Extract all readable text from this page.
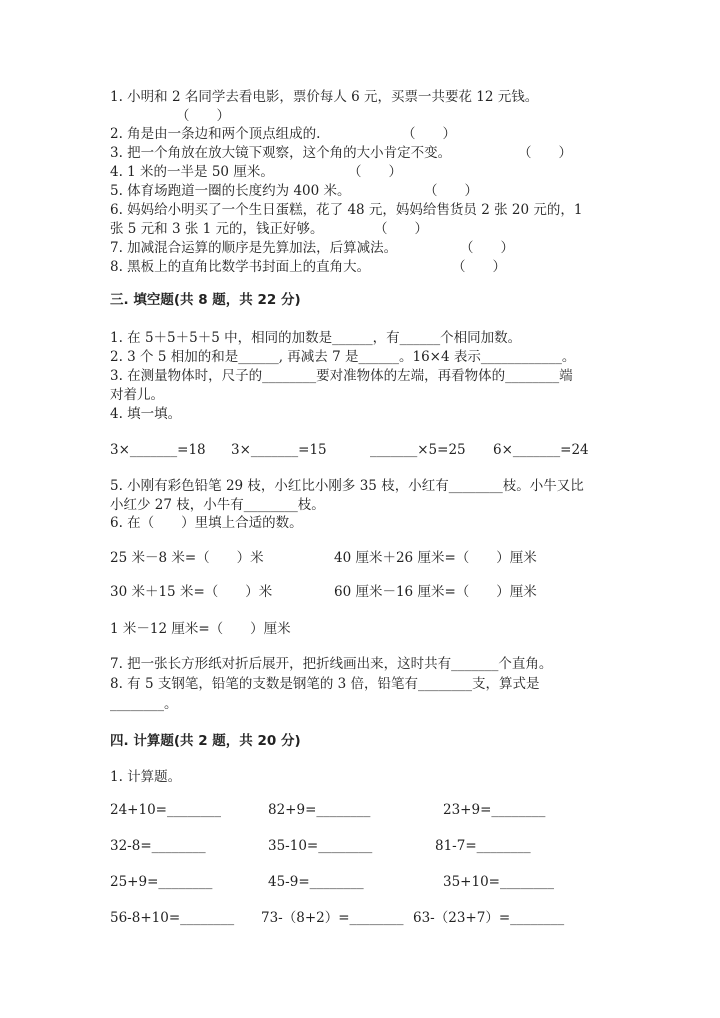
1. 小明和 2 名同学去看电影，票价每人 6 元，买票一共要花 12 元钱。
（　　）
2. 角是由一条边和两个顶点组成的.	（　　）
3. 把一个角放在放大镜下观察，这个角的大小肯定不变。	（　　）
4. 1 米的一半是 50 厘米。	（　　）
5. 体育场跑道一圈的长度约为 400 米。	（　　）
6. 妈妈给小明买了一个生日蛋糕，花了 48 元，妈妈给售货员 2 张 20 元的，1
张 5 元和 3 张 1 元的，钱正好够。	（　　）
7. 加减混合运算的顺序是先算加法，后算减法。	（　　）
8. 黑板上的直角比数学书封面上的直角大。	（　　）
三. 填空题(共 8 题，共 22 分)
1. 在 5＋5＋5＋5 中，相同的加数是______，有______个相同加数。
2. 3 个 5 相加的和是______, 再减去 7 是______。16×4 表示____________。
3. 在测量物体时，尺子的________要对准物体的左端，再看物体的________端
对着儿。
4. 填一填。
3×_______=18 3×_______=15	_______×5=25 6×_______=24
5. 小刚有彩色铅笔 29 枝，小红比小刚多 35 枝，小红有________枝。小牛又比
小红少 27 枝，小牛有________枝。
6. 在（　　）里填上合适的数。
25 米－8 米=（　　）米	40 厘米＋26 厘米=（　　）厘米
30 米＋15 米=（　　）米	60 厘米－16 厘米=（　　）厘米
1 米－12 厘米=（　　）厘米
7. 把一张长方形纸对折后展开，把折线画出来，这时共有_______个直角。
8. 有 5 支钢笔，铅笔的支数是钢笔的 3 倍，铅笔有________支，算式是
________。
四. 计算题(共 2 题，共 20 分)
1. 计算题。
24+10=________	82+9=________	23+9=________
32-8=________	35-10=________	81-7=________
25+9=________	45-9=________	35+10=________
56-8+10=________ 73-（8+2）=________ 63-（23+7）=________
